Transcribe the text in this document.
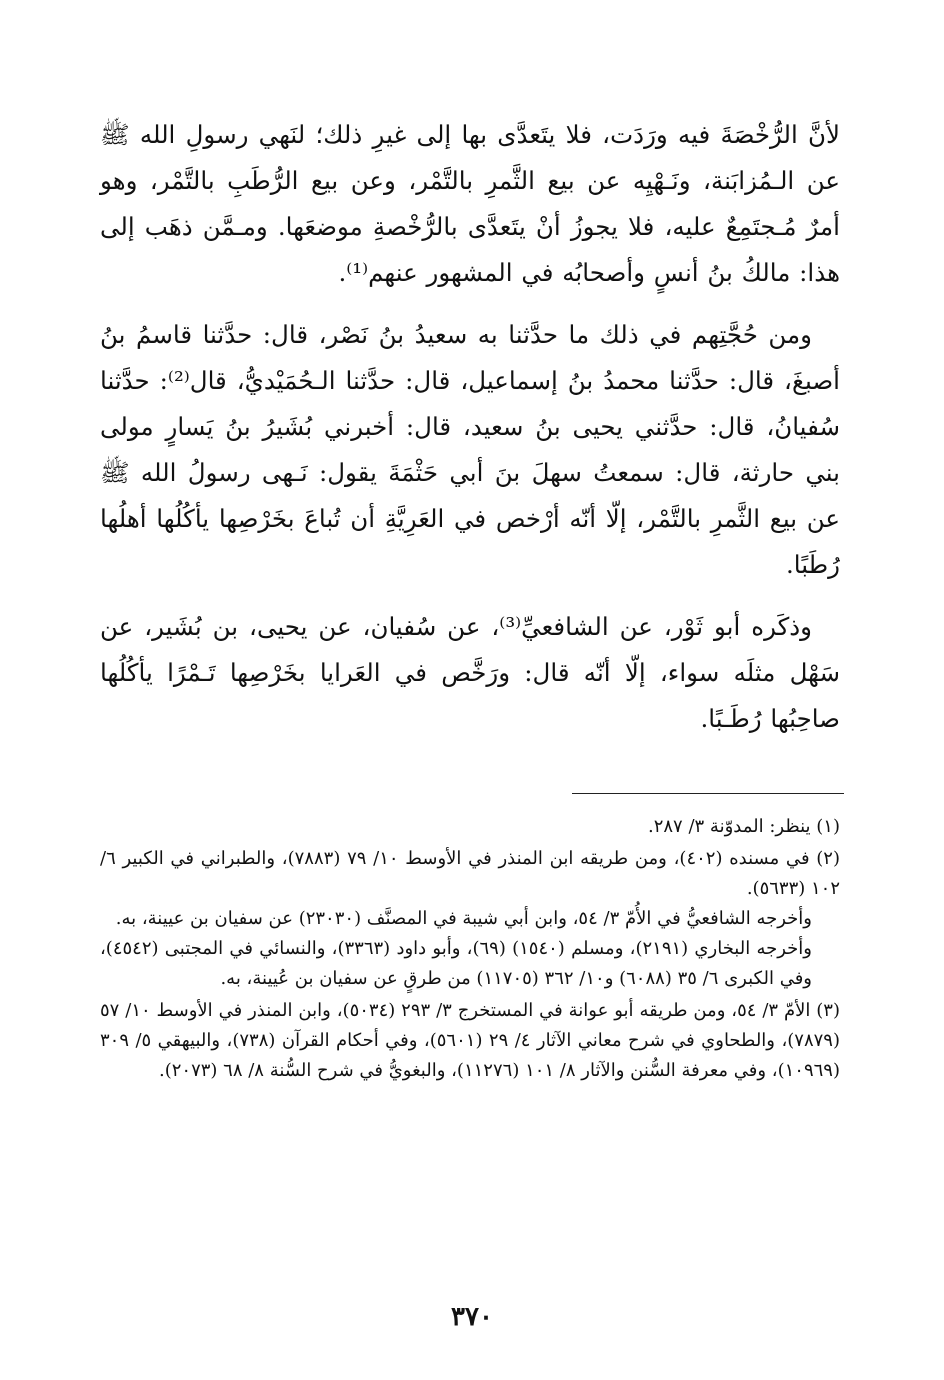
لأنَّ الرُّخْصَةَ فيه ورَدَت، فلا يتَعدَّى بها إلى غيرِ ذلك؛ لنَهي رسولِ الله ﷺ عن الـمُزابَنة، ونَـهْيِه عن بيع الثَّمرِ بالتَّمْر، وعن بيع الرُّطَبِ بالتَّمْر، وهو أمرٌ مُـجتَمِعٌ عليه، فلا يجوزُ أنْ يتَعدَّى بالرُّخْصةِ موضعَها. ومـمَّن ذهَب إلى هذا: مالكُ بنُ أنسٍ وأصحابُه في المشهور عنهم⁽¹⁾.

ومن حُجَّتِهم في ذلك ما حدَّثنا به سعيدُ بنُ نَصْر، قال: حدَّثنا قاسمُ بنُ أصبغَ، قال: حدَّثنا محمدُ بنُ إسماعيل، قال: حدَّثنا الـحُمَيْديُّ، قال⁽²⁾: حدَّثنا سُفيانُ، قال: حدَّثني يحيى بنُ سعيد، قال: أخبرني بُشَيرُ بنُ يَسارٍ مولى بني حارثة، قال: سمعتُ سهلَ بنَ أبي حَثْمَةَ يقول: نَـهى رسولُ الله ﷺ عن بيع الثَّمرِ بالتَّمْر، إلّا أنّه أرْخص في العَرِيَّةِ أن تُباعَ بخَرْصِها يأكُلُها أهلُها رُطَبًا.

وذكَره أبو ثَوْر، عن الشافعيِّ⁽³⁾، عن سُفيان، عن يحيى، بن بُشَير، عن سَهْل مثلَه سواء، إلّا أنّه قال: ورَخَّص في العَرايا بخَرْصِها تَـمْرًا يأكُلُها صاحِبُها رُطَـبًا.

(١) ينظر: المدوّنة ٣/ ٢٨٧.

(٢) في مسنده (٤٠٢)، ومن طريقه ابن المنذر في الأوسط ١٠/ ٧٩ (٧٨٨٣)، والطبراني في الكبير ٦/ ١٠٢ (٥٦٣٣).

وأخرجه الشافعيُّ في الأُمّ ٣/ ٥٤، وابن أبي شيبة في المصنَّف (٢٣٠٣٠) عن سفيان بن عيينة، به.

وأخرجه البخاري (٢١٩١)، ومسلم (١٥٤٠) (٦٩)، وأبو داود (٣٣٦٣)، والنسائي في المجتبى (٤٥٤٢)، وفي الكبرى ٦/ ٣٥ (٦٠٨٨) و١٠/ ٣٦٢ (١١٧٠٥) من طرقٍ عن سفيان بن عُيينة، به.

(٣) الأمّ ٣/ ٥٤، ومن طريقه أبو عوانة في المستخرج ٣/ ٢٩٣ (٥٠٣٤)، وابن المنذر في الأوسط ١٠/ ٥٧ (٧٨٧٩)، والطحاوي في شرح معاني الآثار ٤/ ٢٩ (٥٦٠١)، وفي أحكام القرآن (٧٣٨)، والبيهقي ٥/ ٣٠٩ (١٠٩٦٩)، وفي معرفة السُّنن والآثار ٨/ ١٠١ (١١٢٧٦)، والبغويُّ في شرح السُّنة ٨/ ٦٨ (٢٠٧٣).

٣٧٠
